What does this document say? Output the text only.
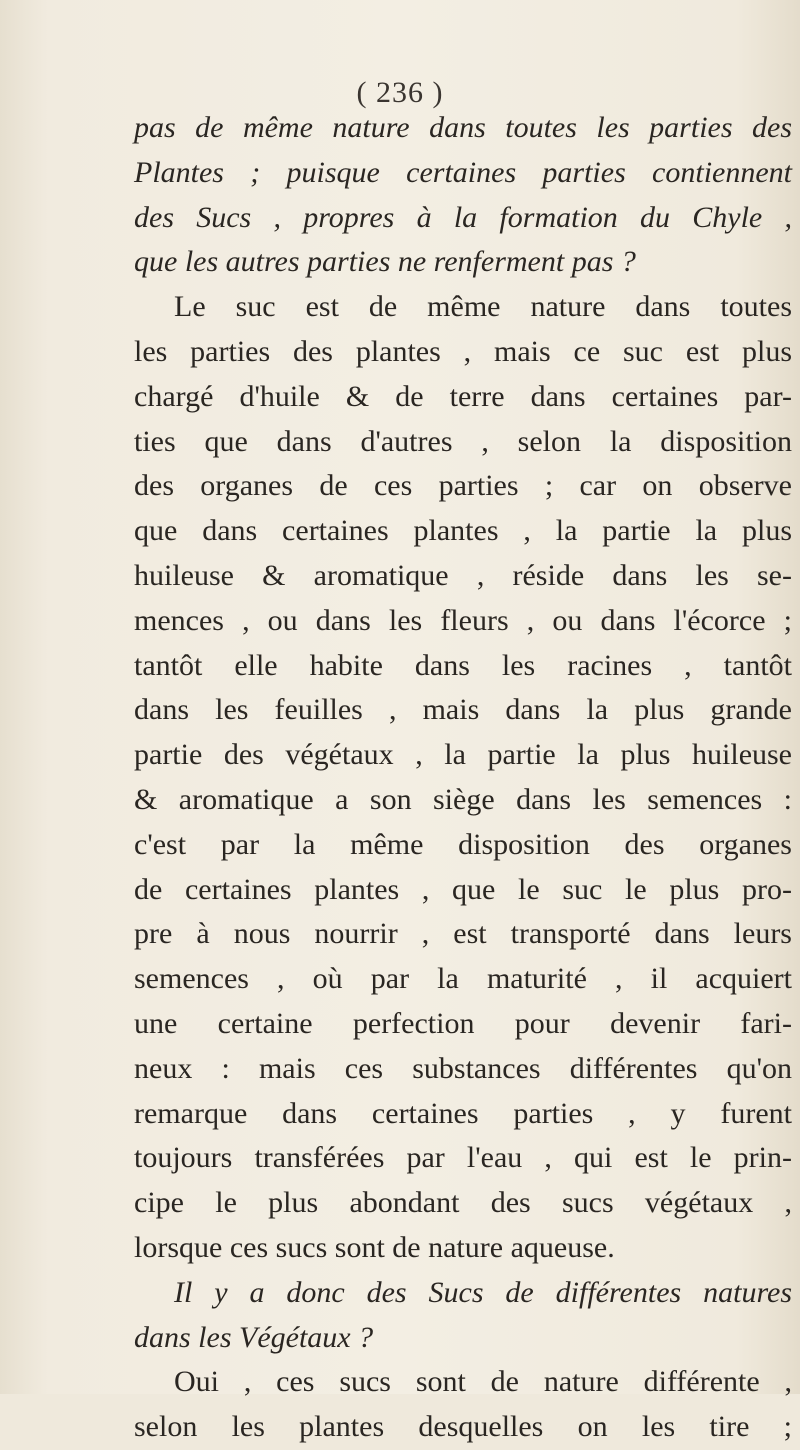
( 236 )
pas de même nature dans toutes les parties des
Plantes ; puisque certaines parties contiennent
des Sucs , propres à la formation du Chyle ,
que les autres parties ne renferment pas ?
Le suc est de même nature dans toutes
les parties des plantes , mais ce suc est plus
chargé d'huile & de terre dans certaines par-
ties que dans d'autres , selon la disposition
des organes de ces parties ; car on observe
que dans certaines plantes , la partie la plus
huileuse & aromatique , réside dans les se-
mences , ou dans les fleurs , ou dans l'écorce ;
tantôt elle habite dans les racines , tantôt
dans les feuilles , mais dans la plus grande
partie des végétaux , la partie la plus huileuse
& aromatique a son siège dans les semences :
c'est par la même disposition des organes
de certaines plantes , que le suc le plus pro-
pre à nous nourrir , est transporté dans leurs
semences , où par la maturité , il acquiert
une certaine perfection pour devenir fari-
neux : mais ces substances différentes qu'on
remarque dans certaines parties , y furent
toujours transférées par l'eau , qui est le prin-
cipe le plus abondant des sucs végétaux ,
lorsque ces sucs sont de nature aqueuse.
Il y a donc des Sucs de différentes natures
dans les Végétaux ?
Oui , ces sucs sont de nature différente ,
selon les plantes desquelles on les tire ;
